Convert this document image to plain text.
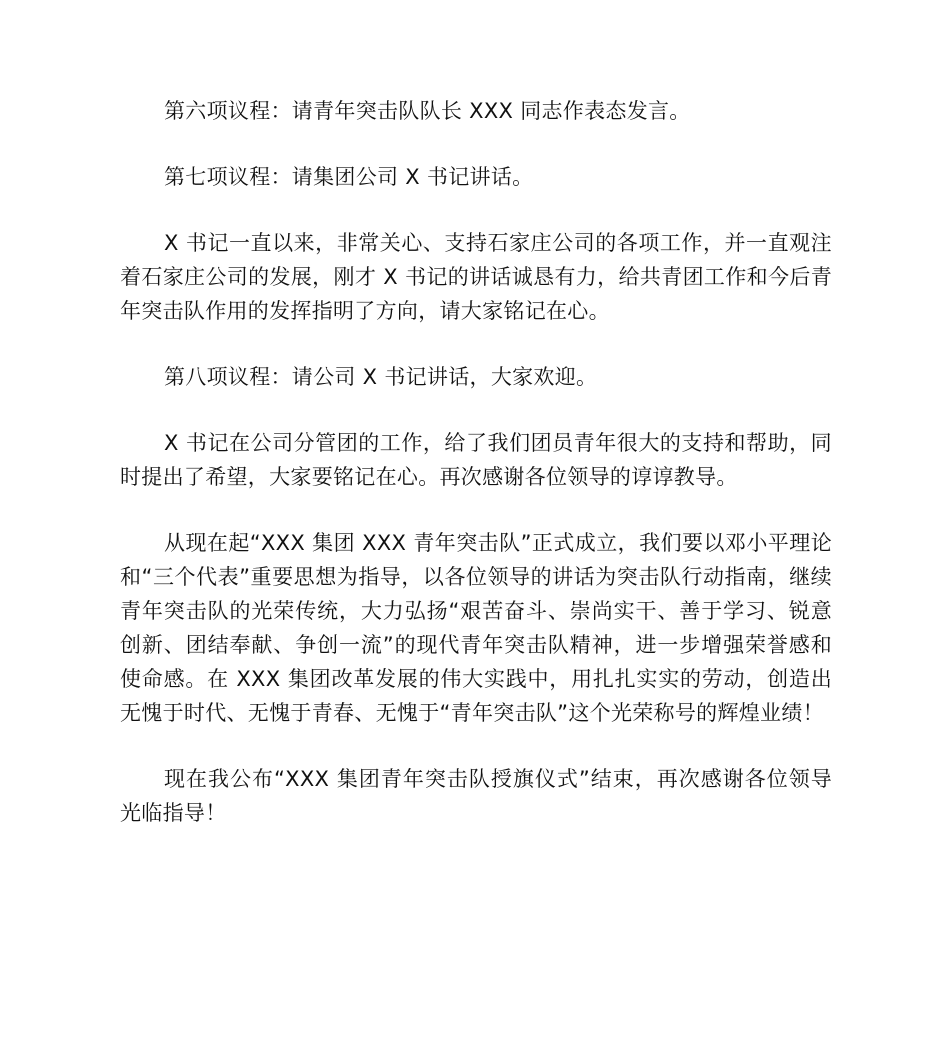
第六项议程：请青年突击队队长 XXX 同志作表态发言。

第七项议程：请集团公司 X 书记讲话。

X 书记一直以来，非常关心、支持石家庄公司的各项工作，并一直观注着石家庄公司的发展，刚才 X 书记的讲话诚恳有力，给共青团工作和今后青年突击队作用的发挥指明了方向，请大家铭记在心。

第八项议程：请公司 X 书记讲话，大家欢迎。

X 书记在公司分管团的工作，给了我们团员青年很大的支持和帮助，同时提出了希望，大家要铭记在心。再次感谢各位领导的谆谆教导。

从现在起“XXX 集团 XXX 青年突击队”正式成立，我们要以邓小平理论和“三个代表”重要思想为指导，以各位领导的讲话为突击队行动指南，继续青年突击队的光荣传统，大力弘扬“艰苦奋斗、崇尚实干、善于学习、锐意创新、团结奉献、争创一流”的现代青年突击队精神，进一步增强荣誉感和使命感。在 XXX 集团改革发展的伟大实践中，用扎扎实实的劳动，创造出无愧于时代、无愧于青春、无愧于“青年突击队”这个光荣称号的辉煌业绩！

现在我公布“XXX 集团青年突击队授旗仪式”结束，再次感谢各位领导光临指导！
